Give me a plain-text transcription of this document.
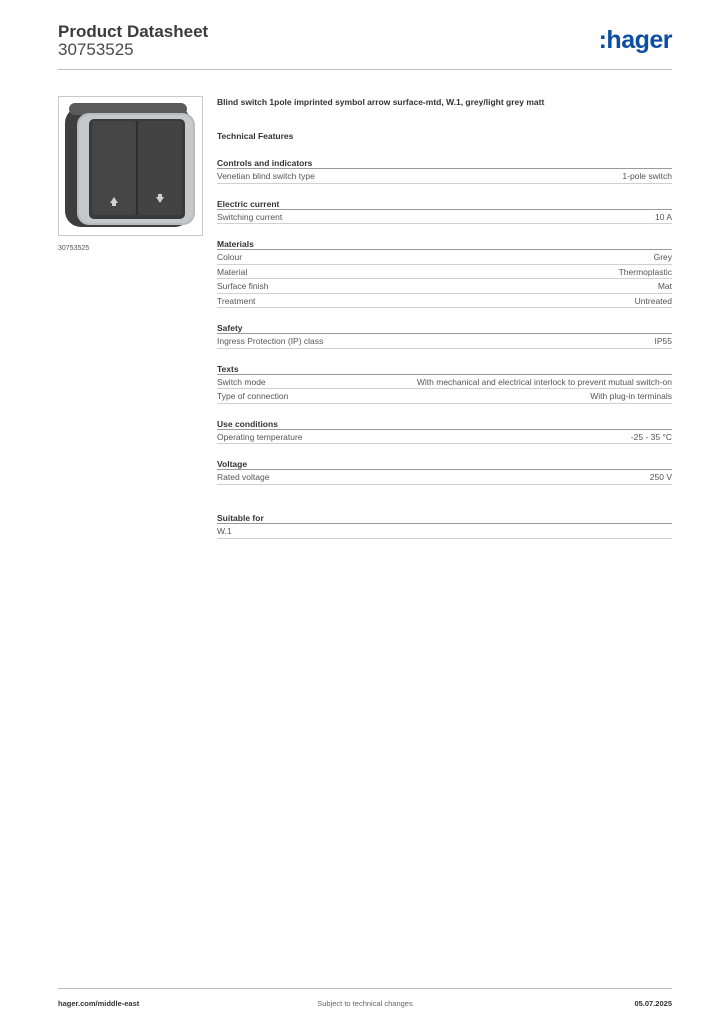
Product Datasheet
30753525	:hager
30753525
Blind switch 1pole imprinted symbol arrow surface-mtd, W.1, grey/light grey matt
Technical Features
Controls and indicators
Venetian blind switch type	1-pole switch
Electric current
Switching current	10 A
Materials
Colour	Grey
Material	Thermoplastic
Surface finish	Mat
Treatment	Untreated
Safety
Ingress Protection (IP) class	IP55
Texts
Switch mode	With mechanical and electrical interlock to prevent mutual switch-on
Type of connection	With plug-in terminals
Use conditions
Operating temperature	-25 - 35 °C
Voltage
Rated voltage	250 V
Suitable for
W.1
hager.com/middle-east	Subject to technical changes	05.07.2025
